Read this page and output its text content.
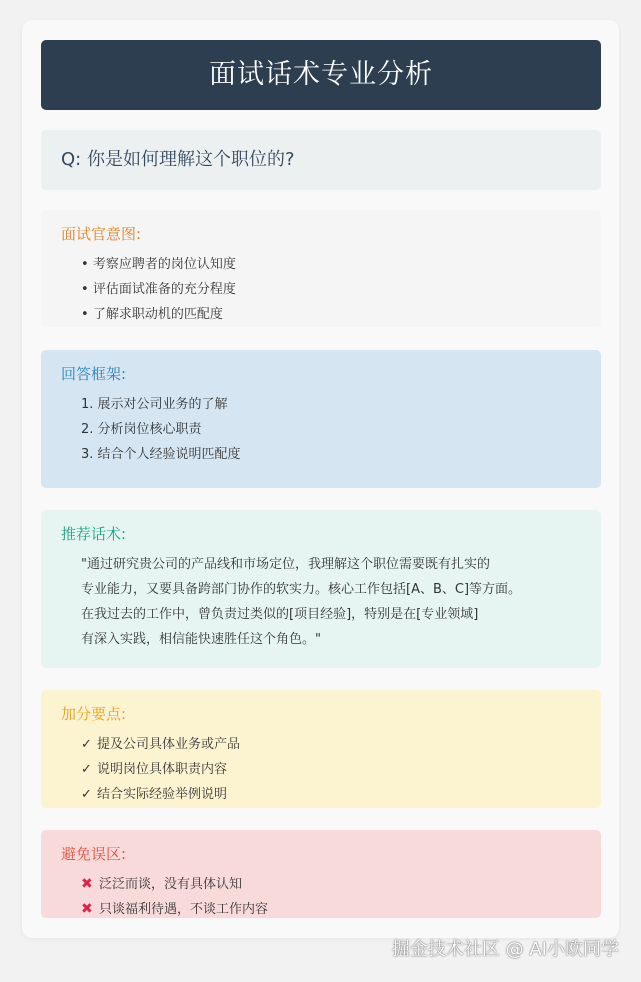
面试话术专业分析
Q: 你是如何理解这个职位的?
面试官意图:
• 考察应聘者的岗位认知度
• 评估面试准备的充分程度
• 了解求职动机的匹配度
回答框架:
1. 展示对公司业务的了解
2. 分析岗位核心职责
3. 结合个人经验说明匹配度
推荐话术:
"通过研究贵公司的产品线和市场定位，我理解这个职位需要既有扎实的
专业能力，又要具备跨部门协作的软实力。核心工作包括[A、B、C]等方面。
在我过去的工作中，曾负责过类似的[项目经验]，特别是在[专业领域]
有深入实践，相信能快速胜任这个角色。"
加分要点:
✓ 提及公司具体业务或产品
✓ 说明岗位具体职责内容
✓ 结合实际经验举例说明
避免误区:
✖ 泛泛而谈，没有具体认知
✖ 只谈福利待遇，不谈工作内容
掘金技术社区 @ AI小欧同学
